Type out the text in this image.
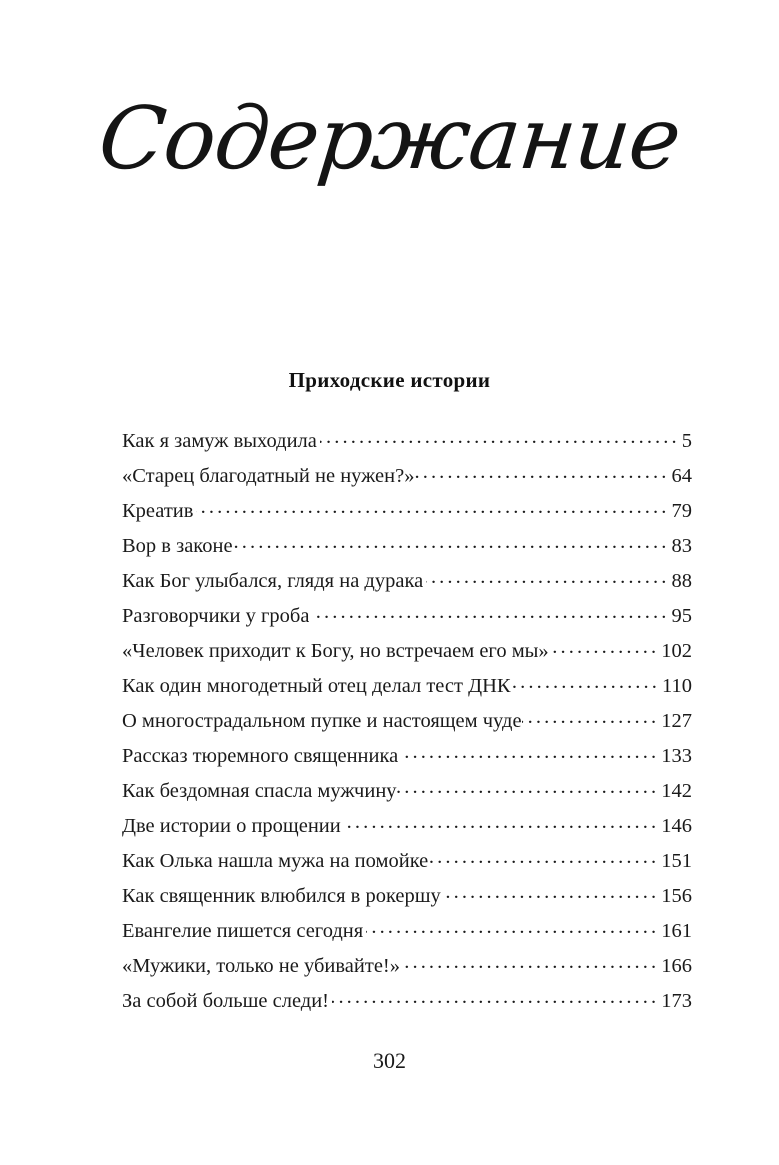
Содержание
Приходские истории
Как я замуж выходила .....	5
«Старец благодатный не нужен?» .....	64
Креатив .....	79
Вор в законе .....	83
Как Бог улыбался, глядя на дурака .....	88
Разговорчики у гроба .....	95
«Человек приходит к Богу, но встречаем его мы» .....	102
Как один многодетный отец делал тест ДНК .....	110
О многострадальном пупке и настоящем чуде .....	127
Рассказ тюремного священника .....	133
Как бездомная спасла мужчину .....	142
Две истории о прощении .....	146
Как Олька нашла мужа на помойке .....	151
Как священник влюбился в рокершу .....	156
Евангелие пишется сегодня .....	161
«Мужики, только не убивайте!» .....	166
За собой больше следи! .....	173
302
